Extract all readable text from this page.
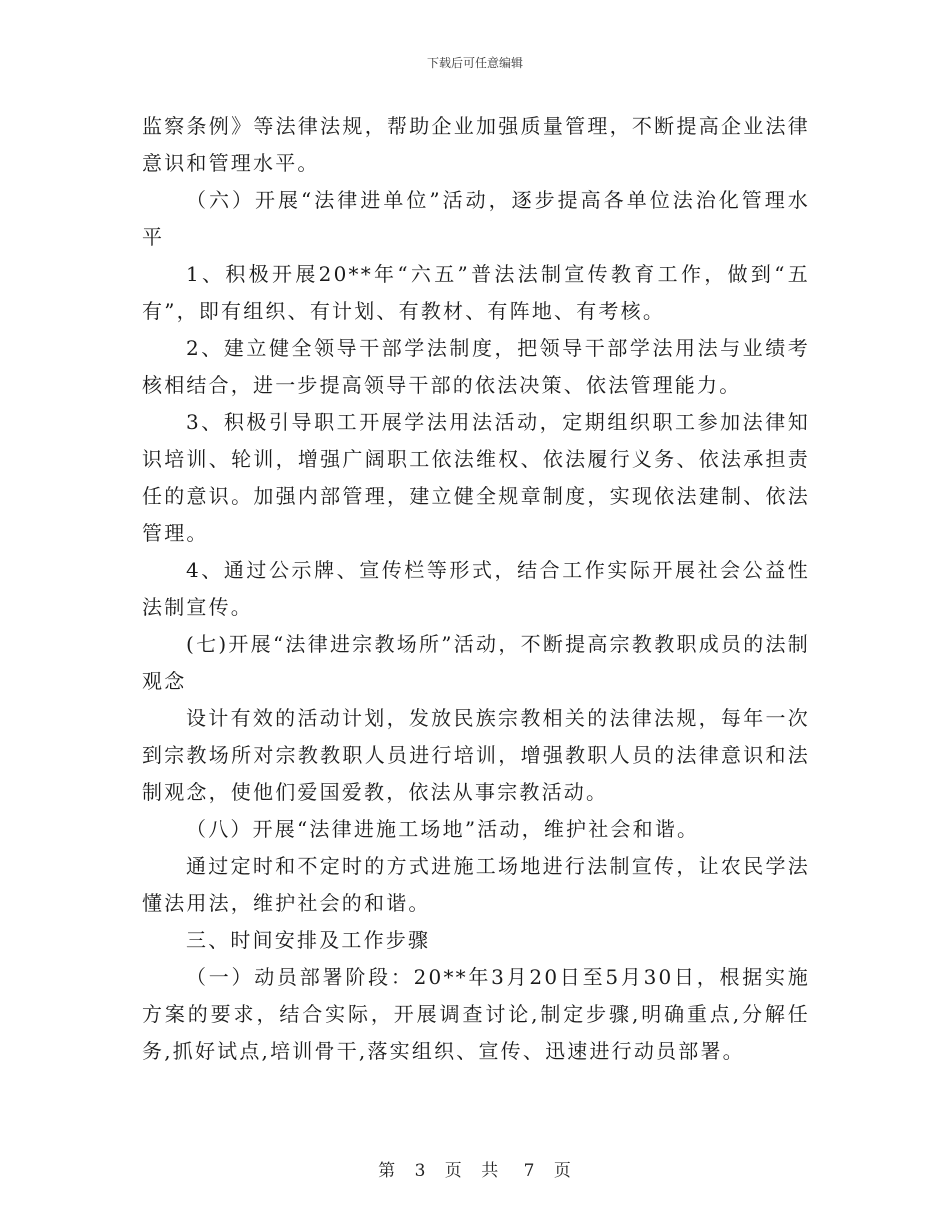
下载后可任意编辑

监察条例》等法律法规，帮助企业加强质量管理，不断提高企业法律意识和管理水平。

（六）开展“法律进单位”活动，逐步提高各单位法治化管理水平

1、积极开展20**年“六五”普法法制宣传教育工作，做到“五有”，即有组织、有计划、有教材、有阵地、有考核。

2、建立健全领导干部学法制度，把领导干部学法用法与业绩考核相结合，进一步提高领导干部的依法决策、依法管理能力。

3、积极引导职工开展学法用法活动，定期组织职工参加法律知识培训、轮训，增强广阔职工依法维权、依法履行义务、依法承担责任的意识。加强内部管理，建立健全规章制度，实现依法建制、依法管理。

4、通过公示牌、宣传栏等形式，结合工作实际开展社会公益性法制宣传。

(七)开展“法律进宗教场所”活动，不断提高宗教教职成员的法制观念

设计有效的活动计划，发放民族宗教相关的法律法规，每年一次到宗教场所对宗教教职人员进行培训，增强教职人员的法律意识和法制观念，使他们爱国爱教，依法从事宗教活动。

（八）开展“法律进施工场地”活动，维护社会和谐。

通过定时和不定时的方式进施工场地进行法制宣传，让农民学法懂法用法，维护社会的和谐。

三、时间安排及工作步骤

（一）动员部署阶段：20**年3月20日至5月30日，根据实施方案的要求，结合实际，开展调查讨论,制定步骤,明确重点,分解任务,抓好试点,培训骨干,落实组织、宣传、迅速进行动员部署。

第 3 页 共 7 页
